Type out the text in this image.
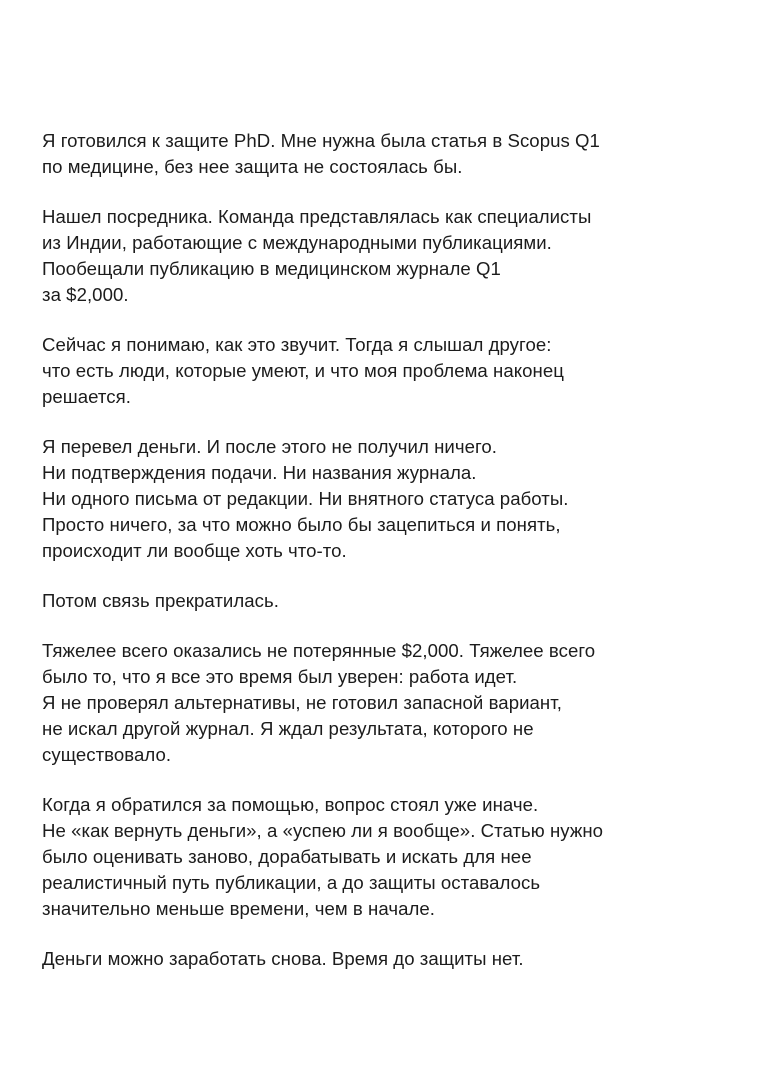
Я готовился к защите PhD. Мне нужна была статья в Scopus Q1
по медицине, без нее защита не состоялась бы.

Нашел посредника. Команда представлялась как специалисты
из Индии, работающие с международными публикациями.
Пообещали публикацию в медицинском журнале Q1
за $2,000.

Сейчас я понимаю, как это звучит. Тогда я слышал другое:
что есть люди, которые умеют, и что моя проблема наконец
решается.

Я перевел деньги. И после этого не получил ничего.
Ни подтверждения подачи. Ни названия журнала.
Ни одного письма от редакции. Ни внятного статуса работы.
Просто ничего, за что можно было бы зацепиться и понять,
происходит ли вообще хоть что-то.

Потом связь прекратилась.

Тяжелее всего оказались не потерянные $2,000. Тяжелее всего
было то, что я все это время был уверен: работа идет.
Я не проверял альтернативы, не готовил запасной вариант,
не искал другой журнал. Я ждал результата, которого не
существовало.

Когда я обратился за помощью, вопрос стоял уже иначе.
Не «как вернуть деньги», а «успею ли я вообще». Статью нужно
было оценивать заново, дорабатывать и искать для нее
реалистичный путь публикации, а до защиты оставалось
значительно меньше времени, чем в начале.

Деньги можно заработать снова. Время до защиты нет.
